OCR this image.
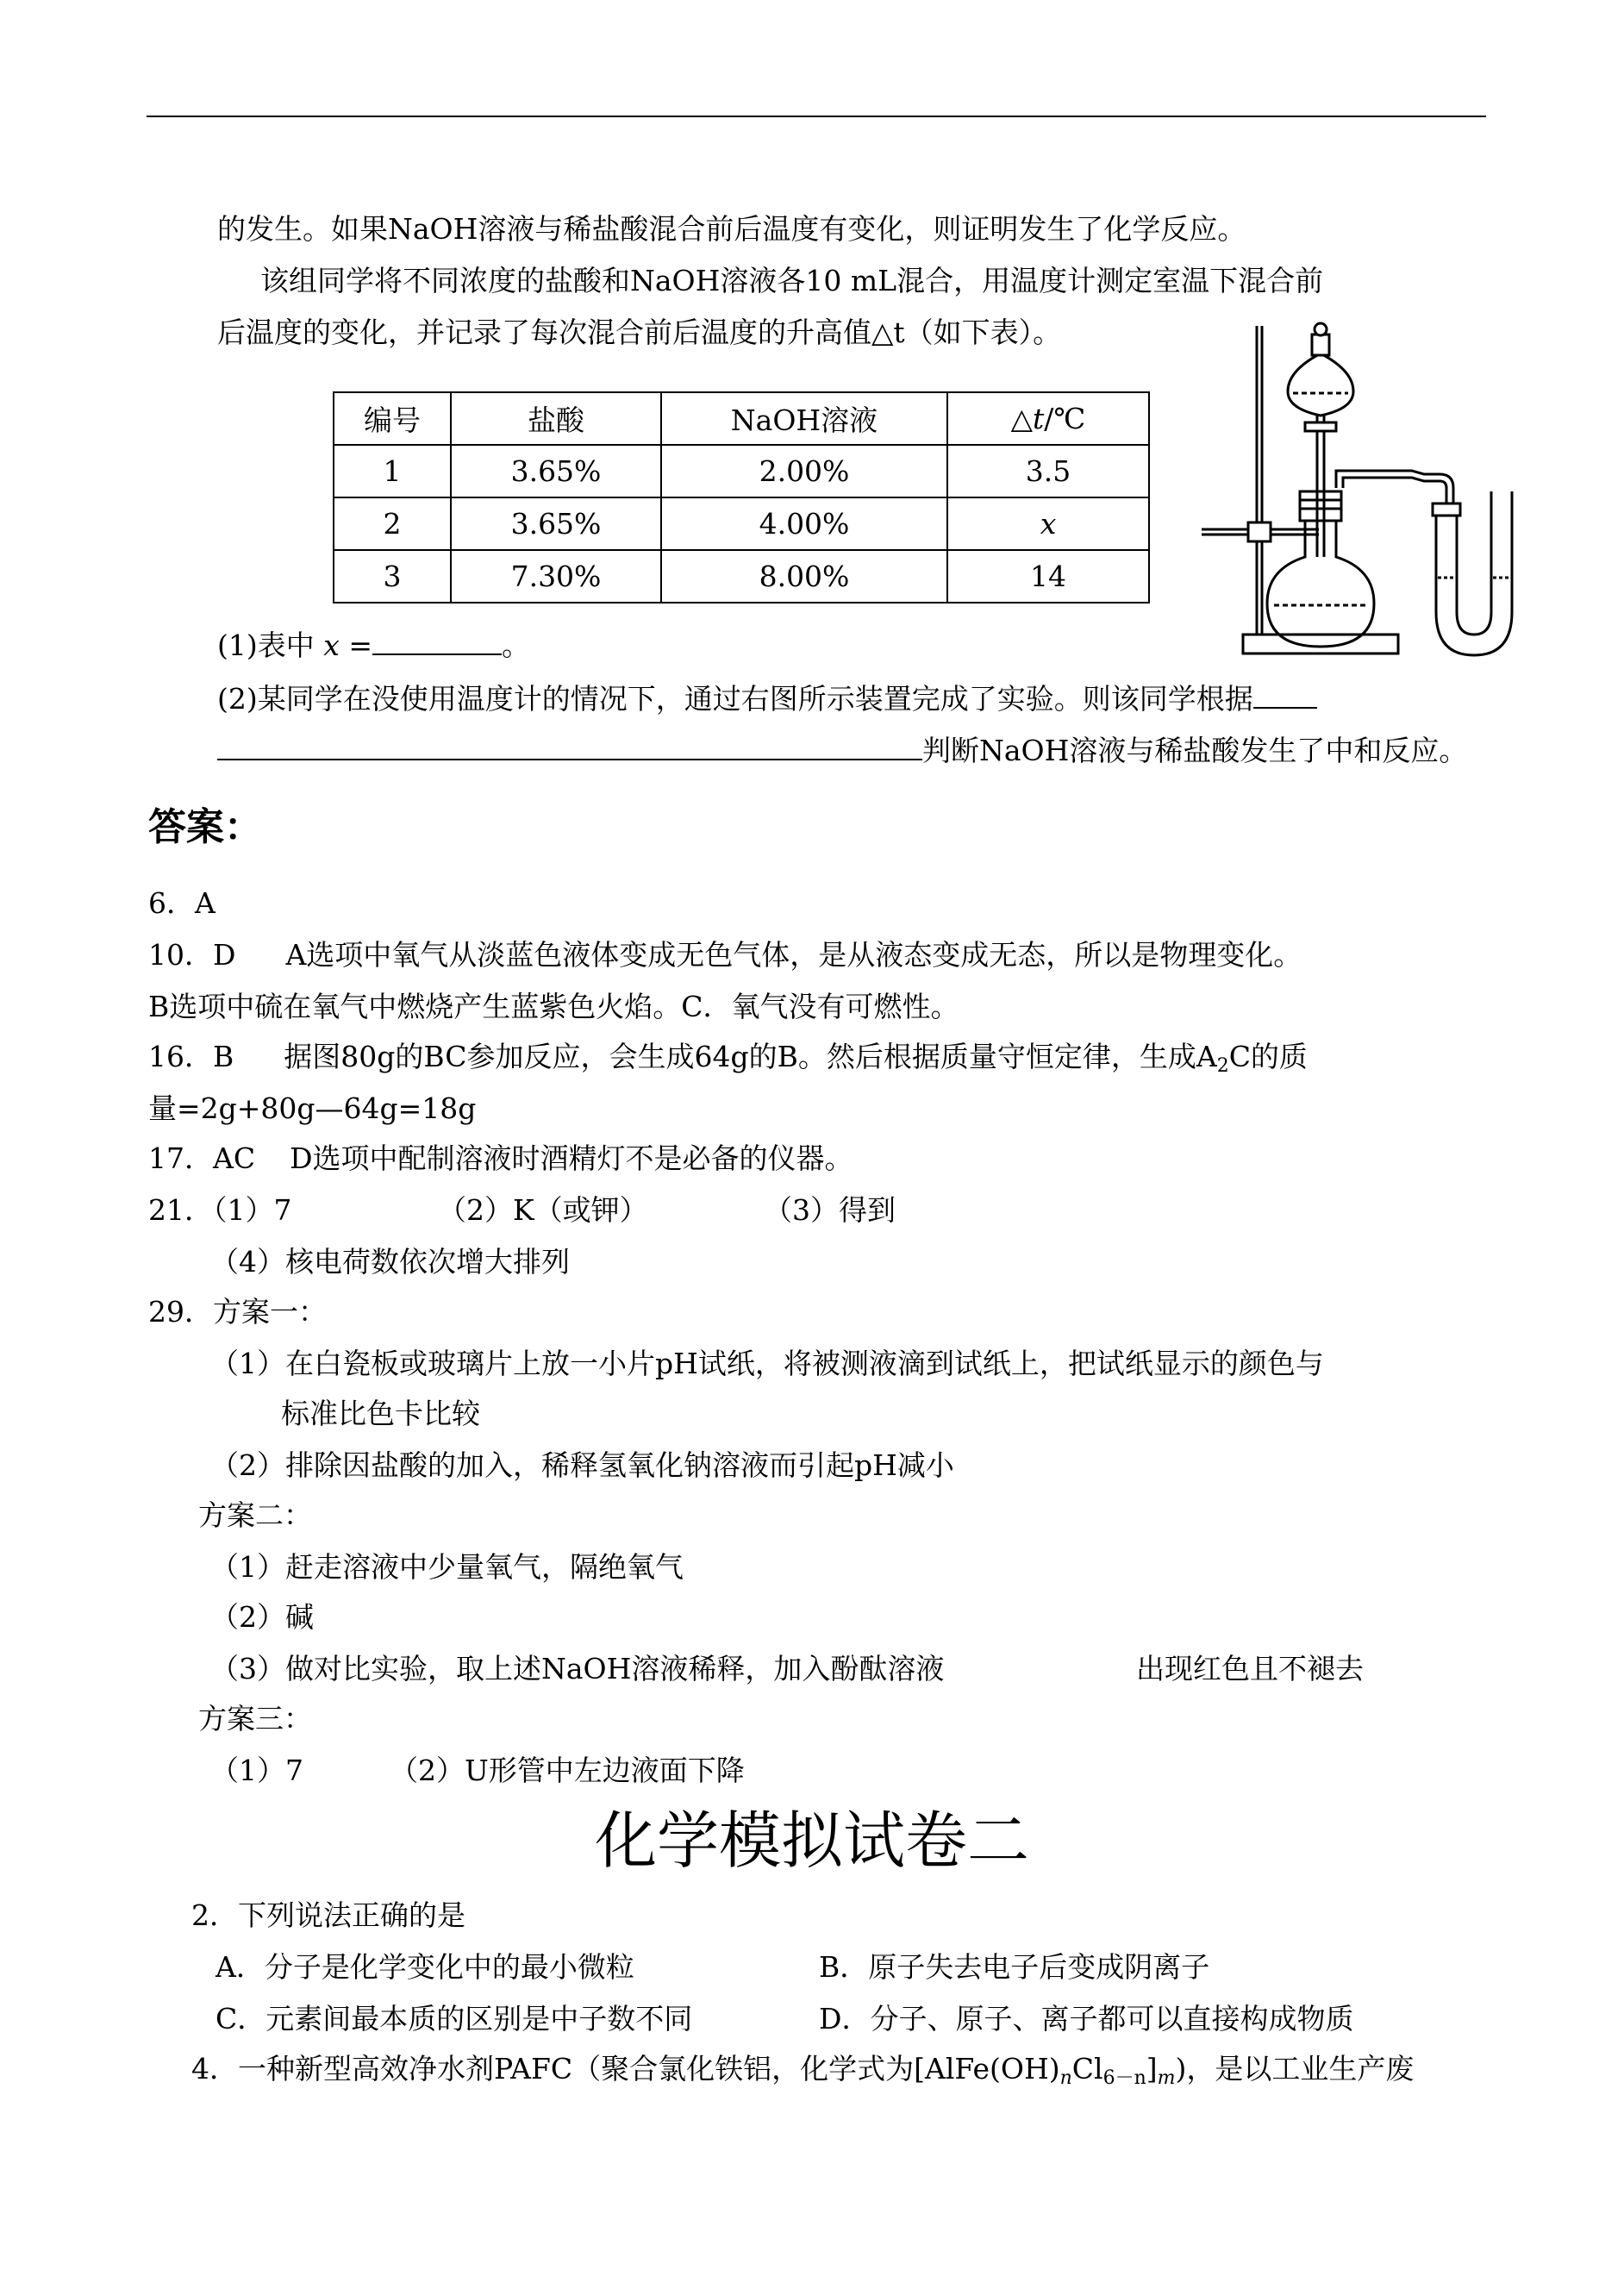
的发生。如果NaOH溶液与稀盐酸混合前后温度有变化，则证明发生了化学反应。
该组同学将不同浓度的盐酸和NaOH溶液各10 mL混合，用温度计测定室温下混合前
后温度的变化，并记录了每次混合前后温度的升高值△t（如下表）。
编号	盐酸	NaOH溶液	△t/℃
1	3.65%	2.00%	3.5
2	3.65%	4.00%	x
3	7.30%	8.00%	14
(1)表中 x =	。
(2)某同学在没使用温度计的情况下，通过右图所示装置完成了实验。则该同学根据
判断NaOH溶液与稀盐酸发生了中和反应。
答案：
6．A
10．D A选项中氧气从淡蓝色液体变成无色气体，是从液态变成无态，所以是物理变化。
B选项中硫在氧气中燃烧产生蓝紫色火焰。C．氧气没有可燃性。
16．B 据图80g的BC参加反应，会生成64g的B。然后根据质量守恒定律，生成$A_2C$的质
量=2g+80g—64g=18g
17．AC D选项中配制溶液时酒精灯不是必备的仪器。
21．（1）7	（2）K（或钾）	（3）得到
（4）核电荷数依次增大排列
29．方案一：
（1）在白瓷板或玻璃片上放一小片pH试纸，将被测液滴到试纸上，把试纸显示的颜色与
标准比色卡比较
（2）排除因盐酸的加入，稀释氢氧化钠溶液而引起pH减小
方案二：
（1）赶走溶液中少量氧气，隔绝氧气
（2）碱
（3）做对比实验，取上述NaOH溶液稀释，加入酚酞溶液	出现红色且不褪去
方案三：
（1）7	（2）U形管中左边液面下降
化学模拟试卷二
2．下列说法正确的是
A．分子是化学变化中的最小微粒	B．原子失去电子后变成阴离子
C．元素间最本质的区别是中子数不同	D．分子、原子、离子都可以直接构成物质
4．一种新型高效净水剂PAFC（聚合氯化铁铝，化学式为$[AlFe(OH)_nCl_{6-n}]_m$)，是以工业生产废
